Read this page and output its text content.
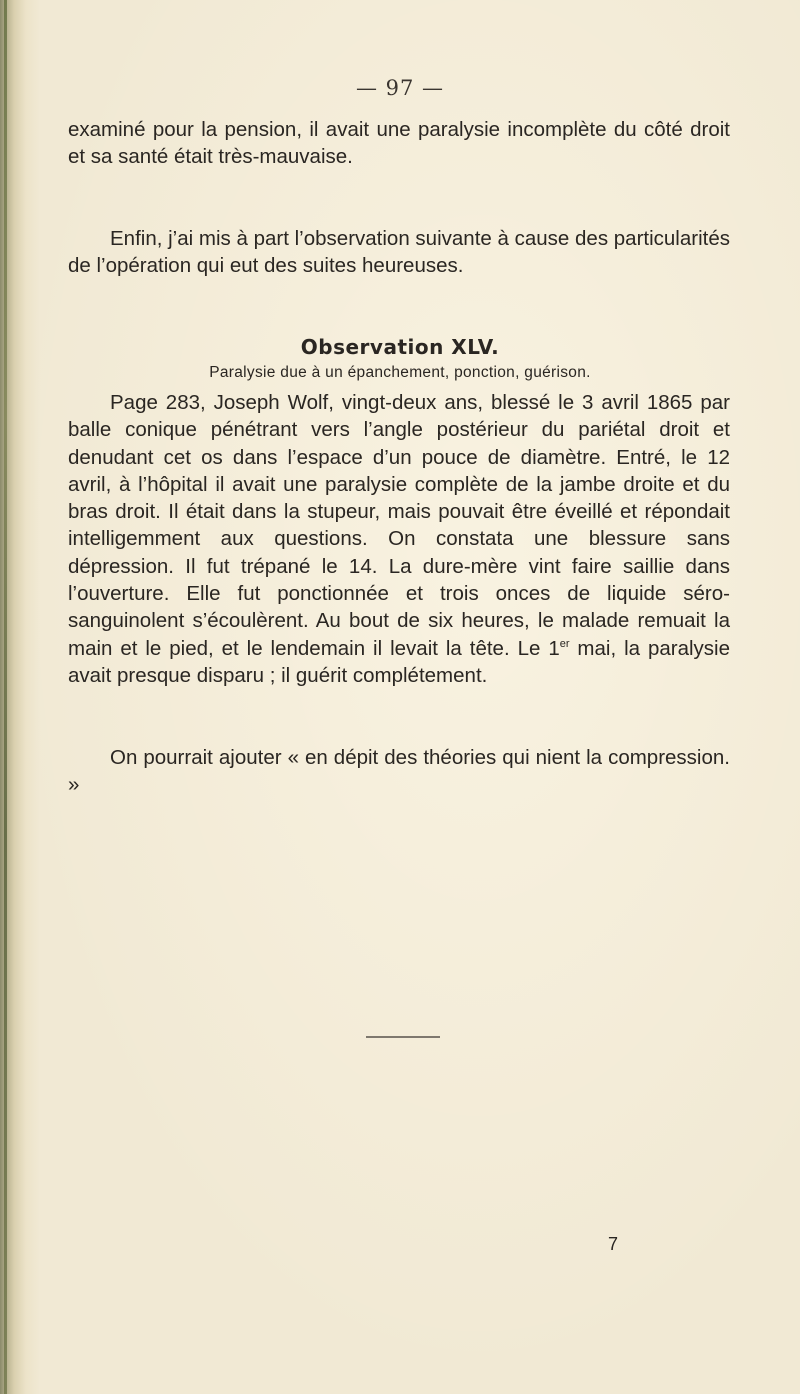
— 97 —

examiné pour la pension, il avait une paralysie incomplète du côté droit et sa santé était très-mauvaise.

Enfin, j’ai mis à part l’observation suivante à cause des particularités de l’opération qui eut des suites heureuses.

Observation XLV.
Paralysie due à un épanchement, ponction, guérison.

Page 283, Joseph Wolf, vingt-deux ans, blessé le 3 avril 1865 par balle conique pénétrant vers l’angle postérieur du pariétal droit et denudant cet os dans l’espace d’un pouce de diamètre. Entré, le 12 avril, à l’hôpital il avait une paralysie complète de la jambe droite et du bras droit. Il était dans la stupeur, mais pouvait être éveillé et répondait intelligemment aux questions. On constata une blessure sans dépression. Il fut trépané le 14. La dure-mère vint faire saillie dans l’ouverture. Elle fut ponctionnée et trois onces de liquide séro-sanguinolent s’écoulèrent. Au bout de six heures, le malade remuait la main et le pied, et le lendemain il levait la tête. Le 1er mai, la paralysie avait presque disparu ; il guérit complétement.

On pourrait ajouter « en dépit des théories qui nient la compression. »

7
